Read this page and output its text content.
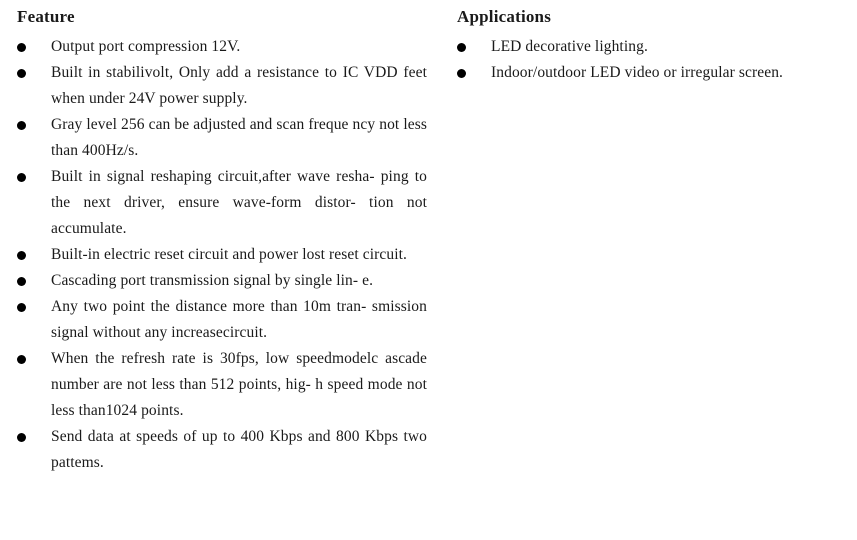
Feature
Output port compression 12V.
Built in stabilivolt, Only add a resistance to IC VDD feet when under 24V power supply.
Gray level 256 can be adjusted and scan freque ncy not less than 400Hz/s.
Built in signal reshaping circuit,after wave resha- ping to the next driver, ensure wave-form distor- tion not accumulate.
Built-in electric reset circuit and power lost reset circuit.
Cascading port transmission signal by single lin- e.
Any two point the distance more than 10m tran- smission signal without any increasecircuit.
When the refresh rate is 30fps, low speedmodelc ascade number are not less than 512 points, hig- h speed mode not less than1024 points.
Send data at speeds of up to 400 Kbps and 800 Kbps two pattems.
Applications
LED decorative lighting.
Indoor/outdoor LED video or irregular screen.
